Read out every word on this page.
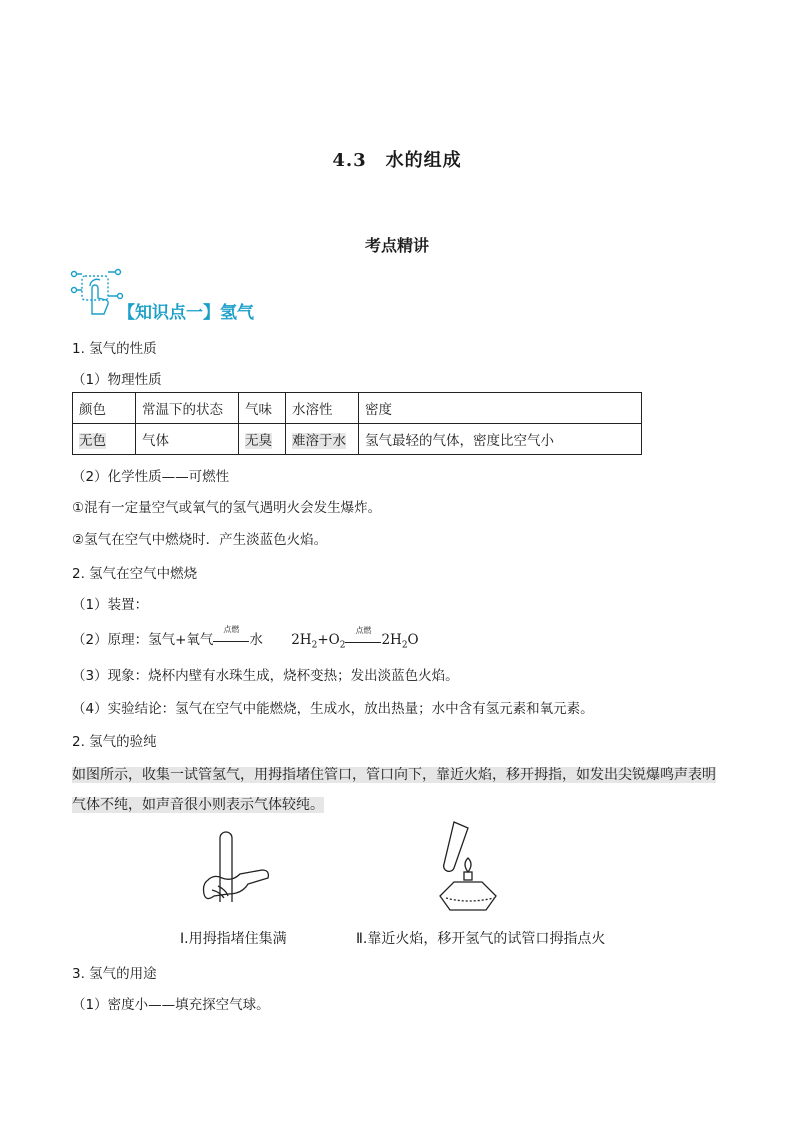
4.3　水的组成
考点精讲
【知识点一】氢气
1. 氢气的性质
（1）物理性质
颜色	常温下的状态	气味	水溶性	密度
无色	气体	无臭	难溶于水	氢气最轻的气体，密度比空气小
（2）化学性质——可燃性
①混有一定量空气或氧气的氢气遇明火会发生爆炸。
②氢气在空气中燃烧时．产生淡蓝色火焰。
2. 氢气在空气中燃烧
（1）装置：
（2）原理：氢气+氧气
点燃
水 $2H_2+O_2$
点燃
$2H_2O$
（3）现象：烧杯内壁有水珠生成，烧杯变热；发出淡蓝色火焰。
（4）实验结论：氢气在空气中能燃烧，生成水，放出热量；水中含有氢元素和氧元素。
2. 氢气的验纯
如图所示，收集一试管氢气，用拇指堵住管口，管口向下，靠近火焰，移开拇指，如发出尖锐爆鸣声表明气体不纯，如声音很小则表示气体较纯。
Ⅰ.用拇指堵住集满	Ⅱ.靠近火焰，移开氢气的试管口拇指点火
3. 氢气的用途
（1）密度小——填充探空气球。
